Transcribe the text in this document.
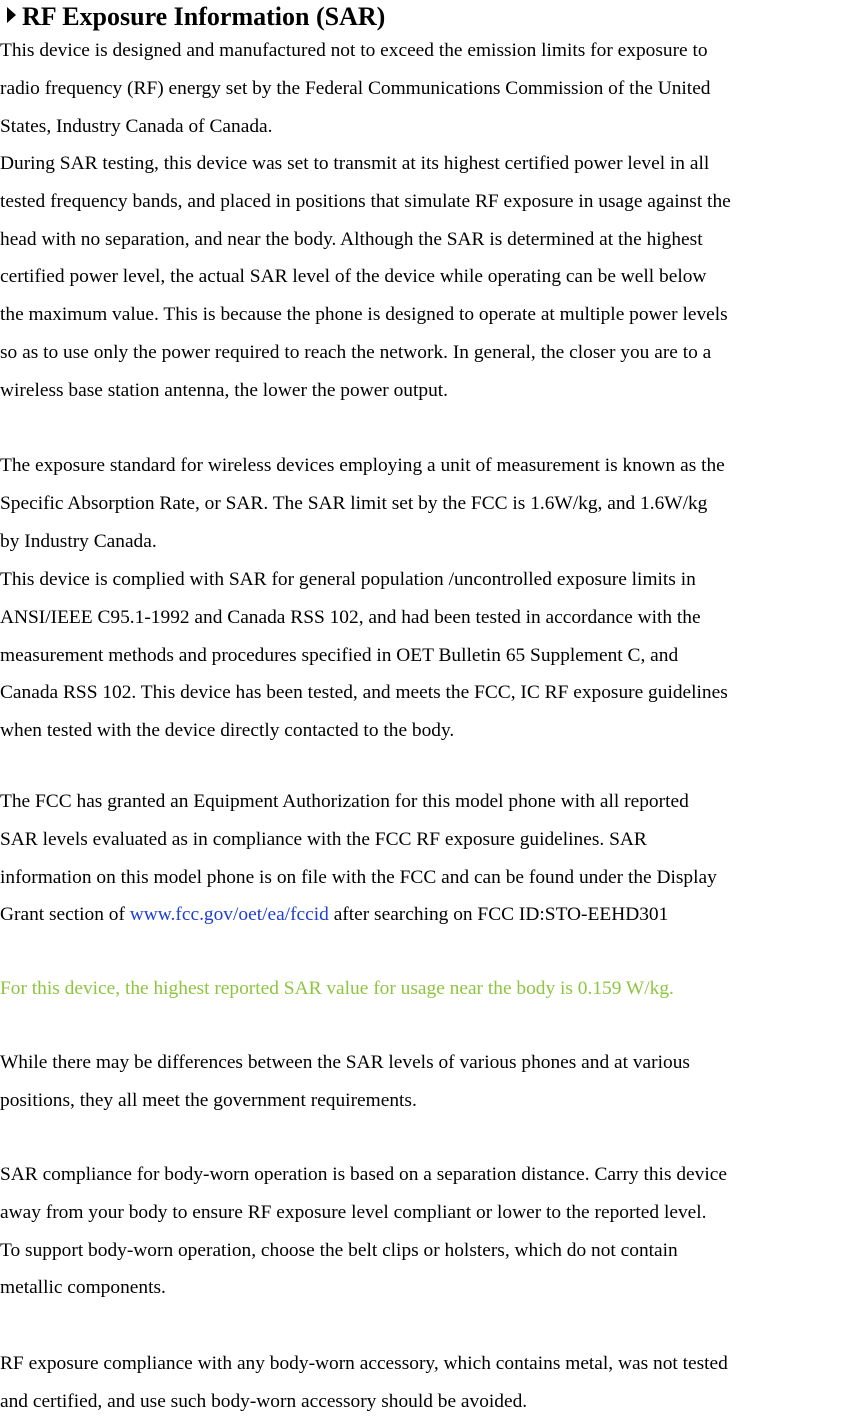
RF Exposure Information (SAR)
This device is designed and manufactured not to exceed the emission limits for exposure to
radio frequency (RF) energy set by the Federal Communications Commission of the United
States, Industry Canada of Canada.
During SAR testing, this device was set to transmit at its highest certified power level in all
tested frequency bands, and placed in positions that simulate RF exposure in usage against the
head with no separation, and near the body. Although the SAR is determined at the highest
certified power level, the actual SAR level of the device while operating can be well below
the maximum value. This is because the phone is designed to operate at multiple power levels
so as to use only the power required to reach the network. In general, the closer you are to a
wireless base station antenna, the lower the power output.
The exposure standard for wireless devices employing a unit of measurement is known as the
Specific Absorption Rate, or SAR. The SAR limit set by the FCC is 1.6W/kg, and 1.6W/kg
by Industry Canada.
This device is complied with SAR for general population /uncontrolled exposure limits in
ANSI/IEEE C95.1-1992 and Canada RSS 102, and had been tested in accordance with the
measurement methods and procedures specified in OET Bulletin 65 Supplement C, and
Canada RSS 102. This device has been tested, and meets the FCC, IC RF exposure guidelines
when tested with the device directly contacted to the body.
The FCC has granted an Equipment Authorization for this model phone with all reported
SAR levels evaluated as in compliance with the FCC RF exposure guidelines. SAR
information on this model phone is on file with the FCC and can be found under the Display
Grant section of www.fcc.gov/oet/ea/fccid after searching on FCC ID:STO-EEHD301
For this device, the highest reported SAR value for usage near the body is 0.159 W/kg.
While there may be differences between the SAR levels of various phones and at various
positions, they all meet the government requirements.
SAR compliance for body-worn operation is based on a separation distance. Carry this device
away from your body to ensure RF exposure level compliant or lower to the reported level.
To support body-worn operation, choose the belt clips or holsters, which do not contain
metallic components.
RF exposure compliance with any body-worn accessory, which contains metal, was not tested
and certified, and use such body-worn accessory should be avoided.
